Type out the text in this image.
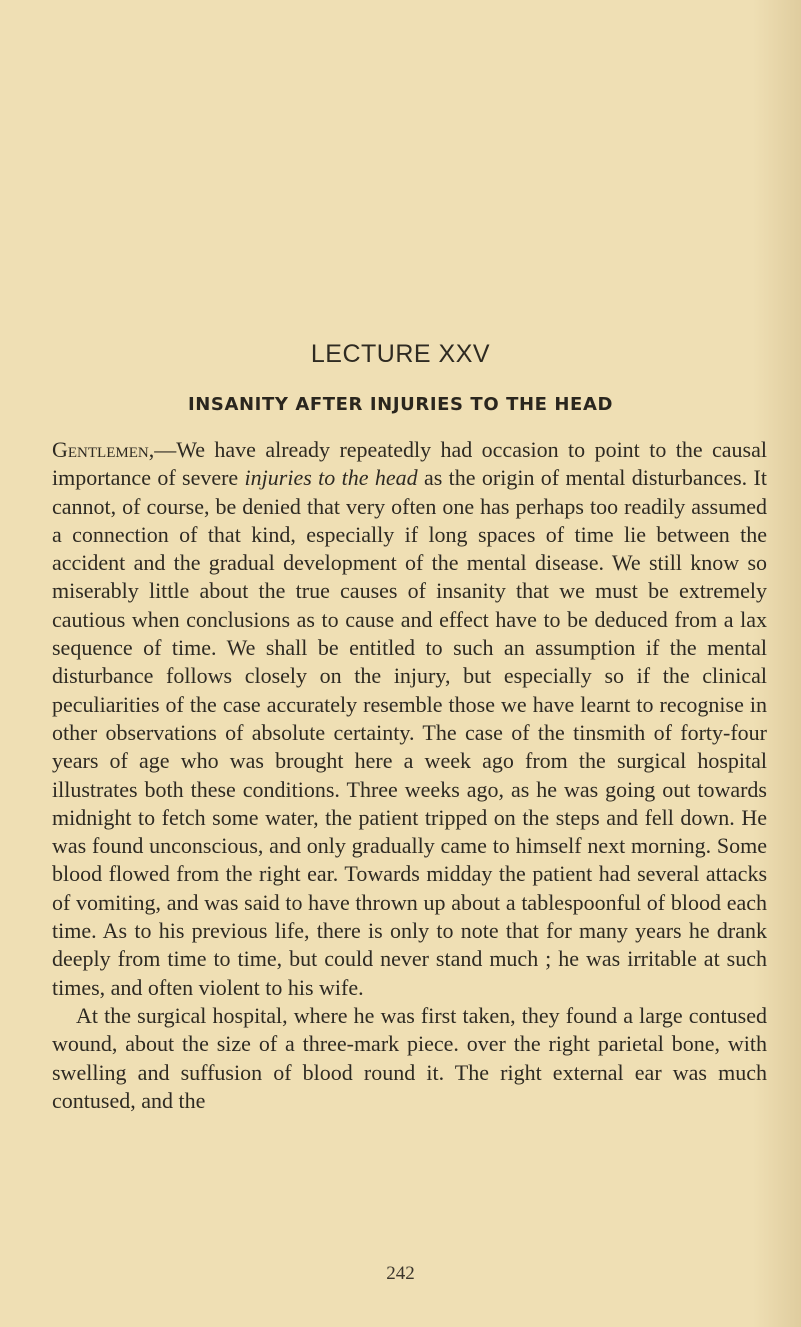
LECTURE XXV
INSANITY AFTER INJURIES TO THE HEAD

Gentlemen,—We have already repeatedly had occasion to point to the causal importance of severe injuries to the head as the origin of mental disturbances. It cannot, of course, be denied that very often one has perhaps too readily assumed a connection of that kind, especially if long spaces of time lie between the accident and the gradual development of the mental disease. We still know so miserably little about the true causes of insanity that we must be extremely cautious when conclusions as to cause and effect have to be deduced from a lax sequence of time. We shall be entitled to such an assumption if the mental disturbance follows closely on the injury, but especially so if the clinical peculiarities of the case accurately resemble those we have learnt to recognise in other observations of absolute certainty. The case of the tinsmith of forty-four years of age who was brought here a week ago from the surgical hospital illustrates both these conditions. Three weeks ago, as he was going out towards midnight to fetch some water, the patient tripped on the steps and fell down. He was found unconscious, and only gradually came to himself next morning. Some blood flowed from the right ear. Towards midday the patient had several attacks of vomiting, and was said to have thrown up about a tablespoonful of blood each time. As to his previous life, there is only to note that for many years he drank deeply from time to time, but could never stand much ; he was irritable at such times, and often violent to his wife.

At the surgical hospital, where he was first taken, they found a large contused wound, about the size of a three-mark piece. over the right parietal bone, with swelling and suffusion of blood round it. The right external ear was much contused, and the

242
